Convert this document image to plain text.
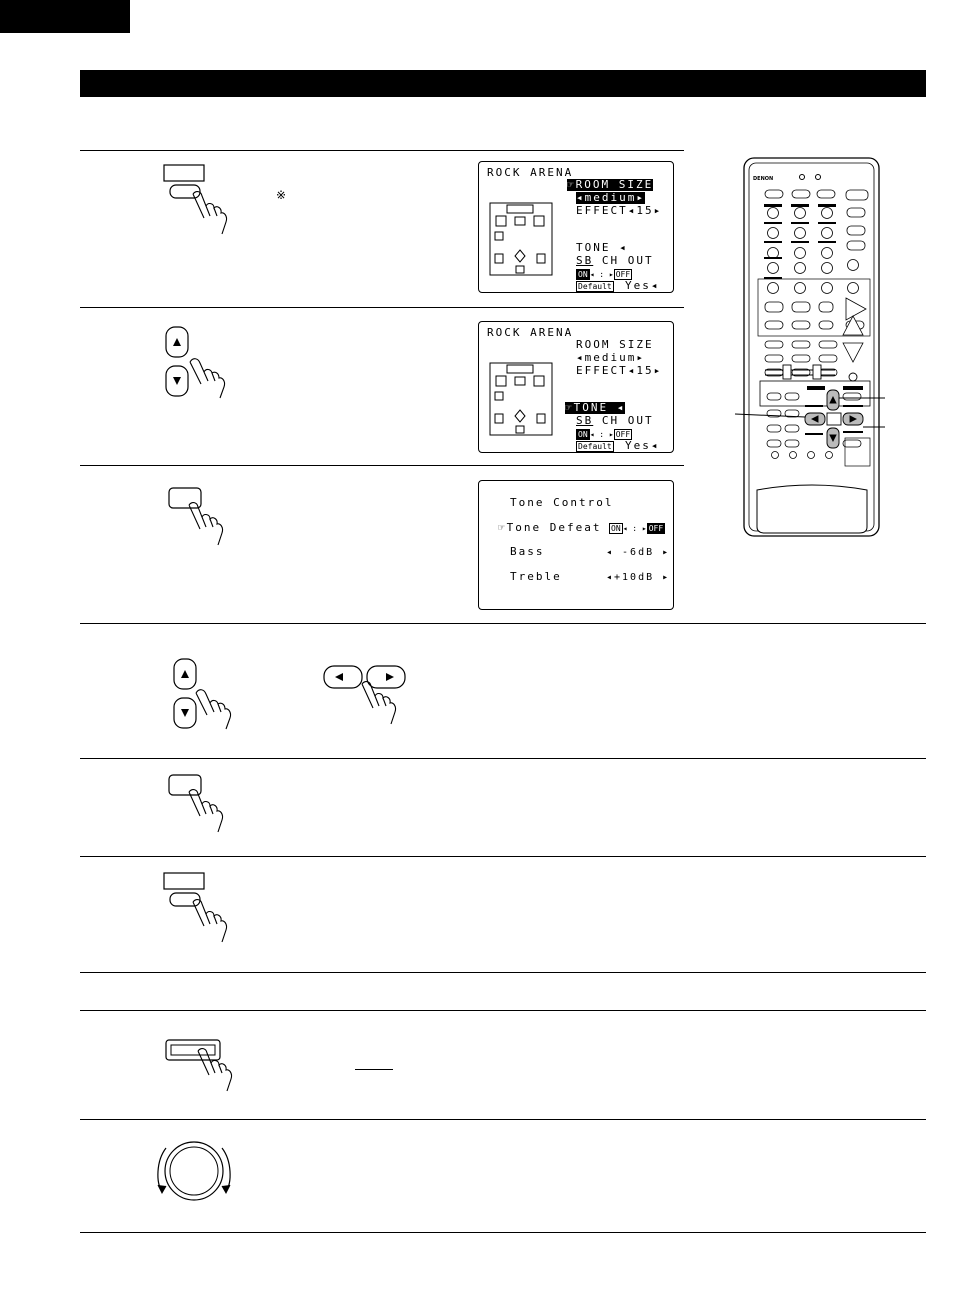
※
ROCK ARENA
☞ROOM SIZE
◂medium▸
EFFECT◂15▸
TONE ◂
SB CH OUT
ON ◂ : ▸ OFF
Default Yes◂
ROCK ARENA
ROOM SIZE
◂medium▸
EFFECT◂15▸
☞TONE ◂
SB CH OUT
ON ◂ : ▸ OFF
Default Yes◂
Tone Control
☞Tone Defeat ON ◂ : ▸ OFF
Bass	◂ -6dB ▸
Treble	◂+10dB ▸
DENON
